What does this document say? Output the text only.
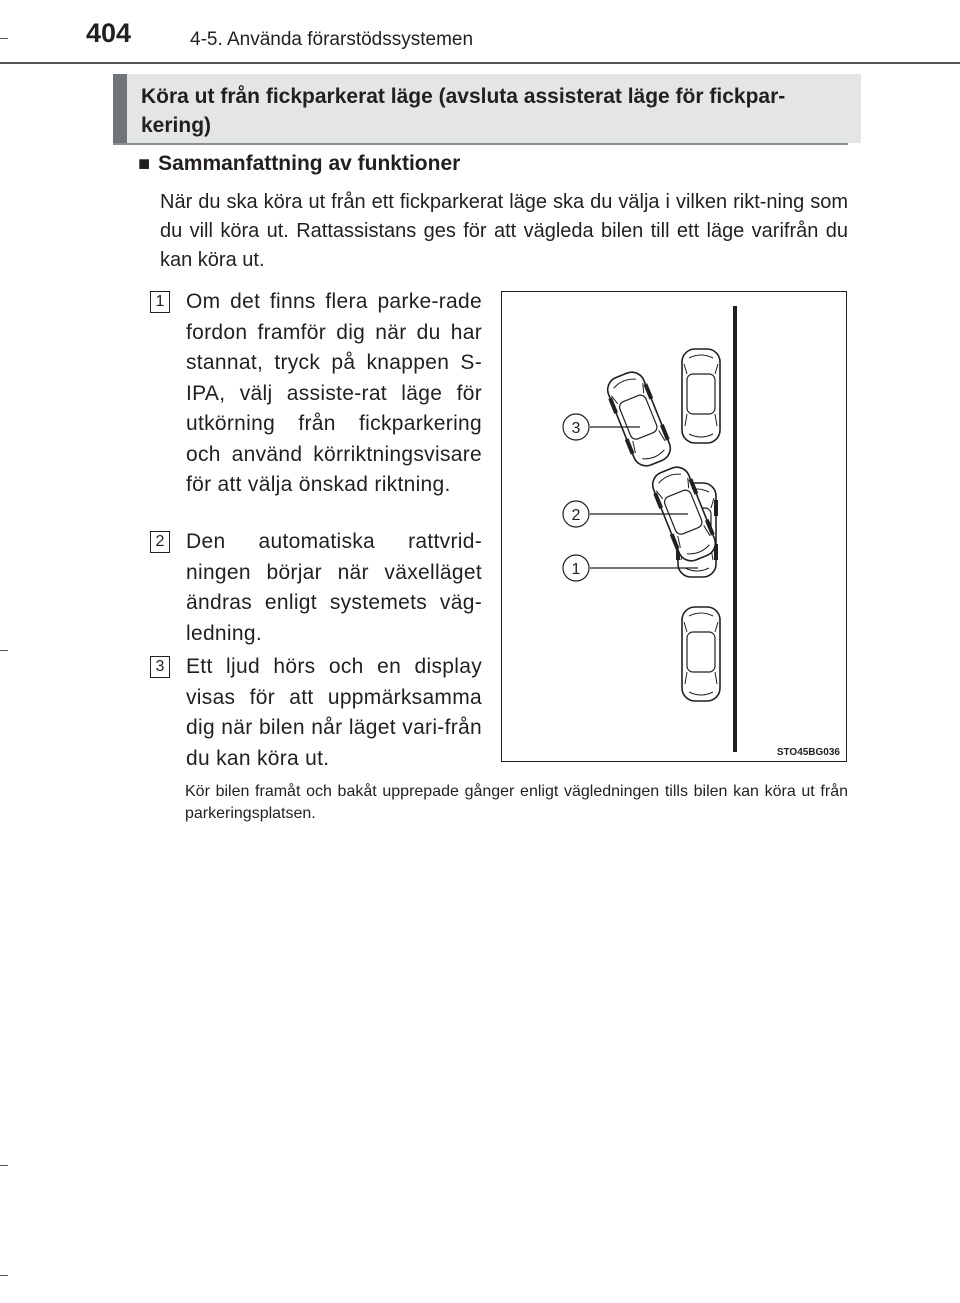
404	4-5. Använda förarstödssystemen
Köra ut från fickparkerat läge (avsluta assisterat läge för fickpar-kering)
■ Sammanfattning av funktioner
När du ska köra ut från ett fickparkerat läge ska du välja i vilken rikt-ning som du vill köra ut. Rattassistans ges för att vägleda bilen till ett läge varifrån du kan köra ut.
1 Om det finns flera parke-rade fordon framför dig när du har stannat, tryck på knappen S-IPA, välj assiste-rat läge för utkörning från fickparkering och använd körriktningsvisare för att välja önskad riktning.
2 Den automatiska rattvrid-ningen börjar när växelläget ändras enligt systemets väg-ledning.
3 Ett ljud hörs och en display visas för att uppmärksamma dig när bilen når läget vari-från du kan köra ut.
3
2
1
STO45BG036
Kör bilen framåt och bakåt upprepade gånger enligt vägledningen tills bilen kan köra ut från parkeringsplatsen.
